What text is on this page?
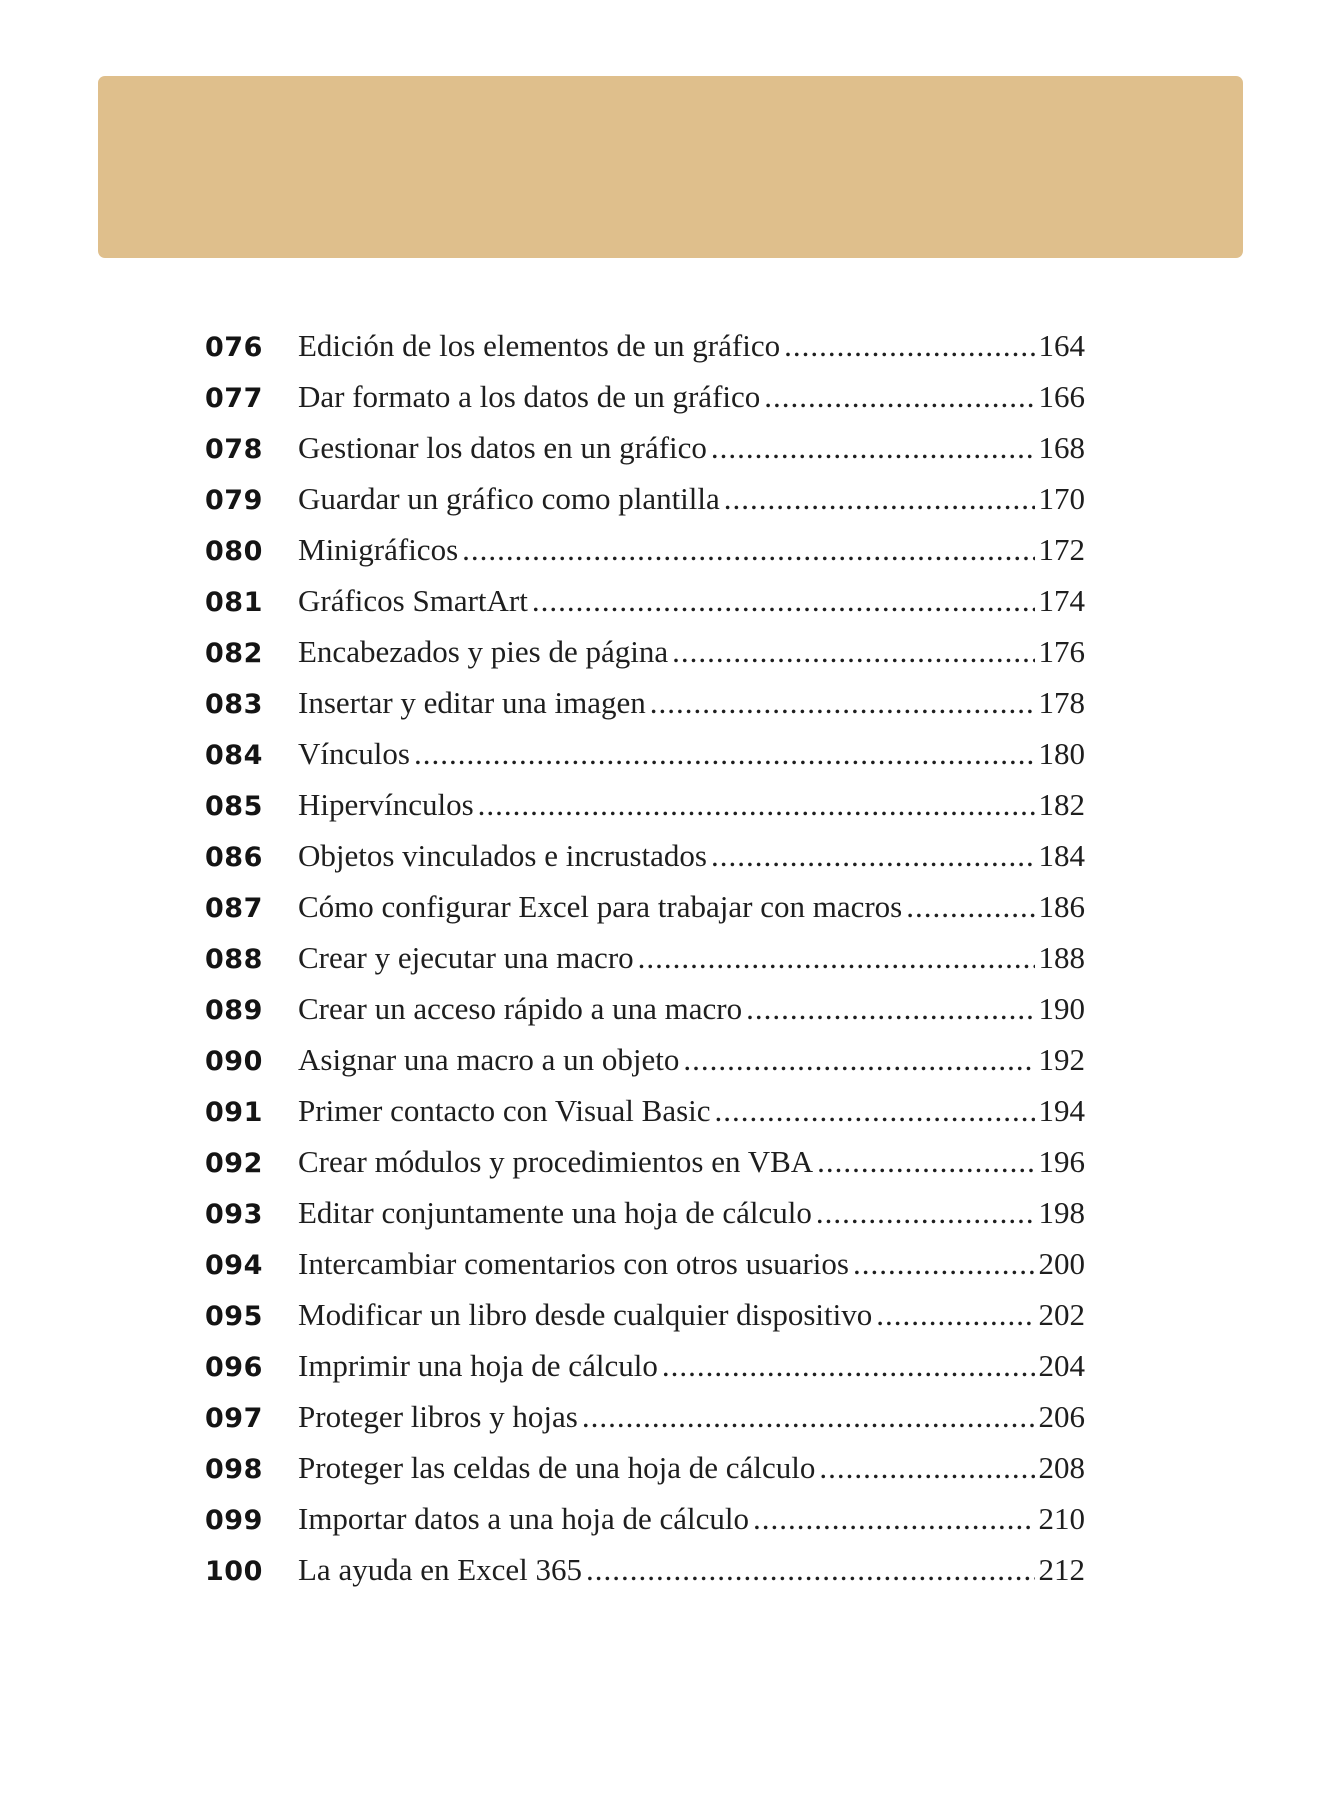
076	Edición de los elementos de un gráfico .....	164
077	Dar formato a los datos de un gráfico .....	166
078	Gestionar los datos en un gráfico .....	168
079	Guardar un gráfico como plantilla .....	170
080	Minigráficos .....	172
081	Gráficos SmartArt .....	174
082	Encabezados y pies de página .....	176
083	Insertar y editar una imagen .....	178
084	Vínculos .....	180
085	Hipervínculos .....	182
086	Objetos vinculados e incrustados .....	184
087	Cómo configurar Excel para trabajar con macros .....	186
088	Crear y ejecutar una macro .....	188
089	Crear un acceso rápido a una macro .....	190
090	Asignar una macro a un objeto .....	192
091	Primer contacto con Visual Basic .....	194
092	Crear módulos y procedimientos en VBA .....	196
093	Editar conjuntamente una hoja de cálculo .....	198
094	Intercambiar comentarios con otros usuarios .....	200
095	Modificar un libro desde cualquier dispositivo .....	202
096	Imprimir una hoja de cálculo .....	204
097	Proteger libros y hojas .....	206
098	Proteger las celdas de una hoja de cálculo .....	208
099	Importar datos a una hoja de cálculo .....	210
100	La ayuda en Excel 365 .....	212
